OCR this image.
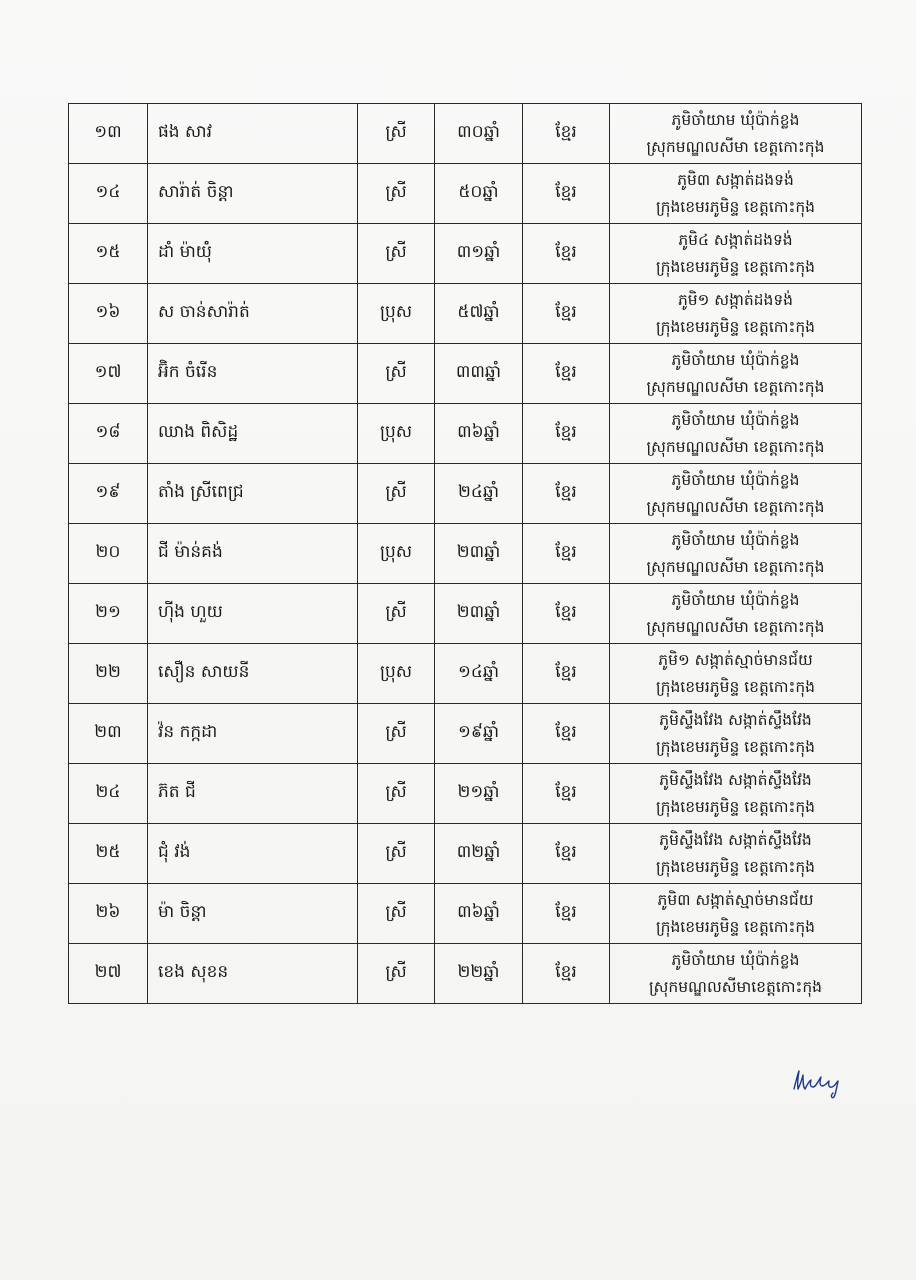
១៣	ផង សាវ	ស្រី	៣០ឆ្នាំ	ខ្មែរ	ភូមិចាំយាម ឃុំប៉ាក់ខ្លង
ស្រុកមណ្ឌលសីមា ខេត្តកោះកុង

១៤	សារ៉ាត់ ចិន្តា	ស្រី	៥០ឆ្នាំ	ខ្មែរ	ភូមិ៣ សង្កាត់ដងទង់
ក្រុងខេមរភូមិន្ទ ខេត្តកោះកុង

១៥	ដាំ ម៉ាយ៉ុំ	ស្រី	៣១ឆ្នាំ	ខ្មែរ	ភូមិ៤ សង្កាត់ដងទង់
ក្រុងខេមរភូមិន្ទ ខេត្តកោះកុង

១៦	ស ចាន់សារ៉ាត់	ប្រុស	៥៧ឆ្នាំ	ខ្មែរ	ភូមិ១ សង្កាត់ដងទង់
ក្រុងខេមរភូមិន្ទ ខេត្តកោះកុង

១៧	អ៊ិក ចំរើន	ស្រី	៣៣ឆ្នាំ	ខ្មែរ	ភូមិចាំយាម ឃុំប៉ាក់ខ្លង
ស្រុកមណ្ឌលសីមា ខេត្តកោះកុង

១៨	ឈាង ពិសិដ្ឋ	ប្រុស	៣៦ឆ្នាំ	ខ្មែរ	ភូមិចាំយាម ឃុំប៉ាក់ខ្លង
ស្រុកមណ្ឌលសីមា ខេត្តកោះកុង

១៩	តាំង ស្រីពេជ្រ	ស្រី	២៤ឆ្នាំ	ខ្មែរ	ភូមិចាំយាម ឃុំប៉ាក់ខ្លង
ស្រុកមណ្ឌលសីមា ខេត្តកោះកុង

២០	ជី ម៉ាន់គង់	ប្រុស	២៣ឆ្នាំ	ខ្មែរ	ភូមិចាំយាម ឃុំប៉ាក់ខ្លង
ស្រុកមណ្ឌលសីមា ខេត្តកោះកុង

២១	ហ៊ីង ហួយ	ស្រី	២៣ឆ្នាំ	ខ្មែរ	ភូមិចាំយាម ឃុំប៉ាក់ខ្លង
ស្រុកមណ្ឌលសីមា ខេត្តកោះកុង

២២	សឿន សាយនី	ប្រុស	១៤ឆ្នាំ	ខ្មែរ	ភូមិ១ សង្កាត់ស្មាច់មានជ័យ
ក្រុងខេមរភូមិន្ទ ខេត្តកោះកុង

២៣	វ៉ន កក្កដា	ស្រី	១៩ឆ្នាំ	ខ្មែរ	ភូមិស្ទឹងវែង សង្កាត់ស្ទឹងវែង
ក្រុងខេមរភូមិន្ទ ខេត្តកោះកុង

២៤	ភ៊ត ជី	ស្រី	២១ឆ្នាំ	ខ្មែរ	ភូមិស្ទឹងវែង សង្កាត់ស្ទឹងវែង
ក្រុងខេមរភូមិន្ទ ខេត្តកោះកុង

២៥	ជុំ វង់	ស្រី	៣២ឆ្នាំ	ខ្មែរ	ភូមិស្ទឹងវែង សង្កាត់ស្ទឹងវែង
ក្រុងខេមរភូមិន្ទ ខេត្តកោះកុង

២៦	ម៉ា ចិន្តា	ស្រី	៣៦ឆ្នាំ	ខ្មែរ	ភូមិ៣ សង្កាត់ស្មាច់មានជ័យ
ក្រុងខេមរភូមិន្ទ ខេត្តកោះកុង

២៧	ខេង សុខន	ស្រី	២២ឆ្នាំ	ខ្មែរ	ភូមិចាំយាម ឃុំប៉ាក់ខ្លង
ស្រុកមណ្ឌលសីមាខេត្តកោះកុង
